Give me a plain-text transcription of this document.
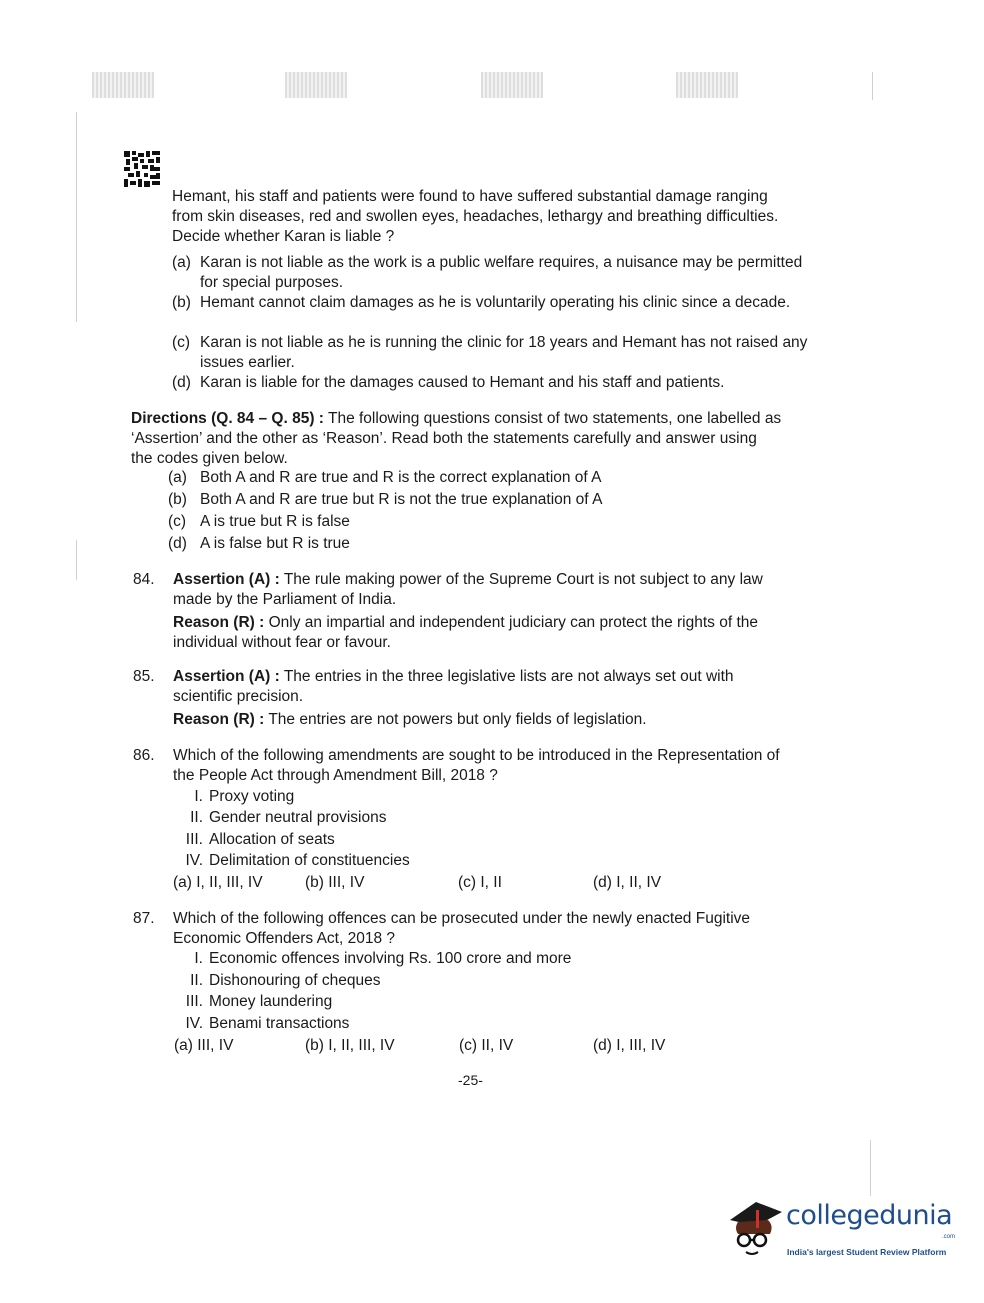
Hemant, his staff and patients were found to have suffered substantial damage ranging from skin diseases, red and swollen eyes, headaches, lethargy and breathing difficulties. Decide whether Karan is liable ?
(a) Karan is not liable as the work is a public welfare requires, a nuisance may be permitted for special purposes.
(b) Hemant cannot claim damages as he is voluntarily operating his clinic since a decade.
(c) Karan is not liable as he is running the clinic for 18 years and Hemant has not raised any issues earlier.
(d) Karan is liable for the damages caused to Hemant and his staff and patients.
Directions (Q. 84 – Q. 85) : The following questions consist of two statements, one labelled as ‘Assertion’ and the other as ‘Reason’. Read both the statements carefully and answer using the codes given below.
(a) Both A and R are true and R is the correct explanation of A
(b) Both A and R are true but R is not the true explanation of A
(c) A is true but R is false
(d) A is false but R is true
84. Assertion (A) : The rule making power of the Supreme Court is not subject to any law made by the Parliament of India.
Reason (R) : Only an impartial and independent judiciary can protect the rights of the individual without fear or favour.
85. Assertion (A) : The entries in the three legislative lists are not always set out with scientific precision.
Reason (R) : The entries are not powers but only fields of legislation.
86. Which of the following amendments are sought to be introduced in the Representation of the People Act through Amendment Bill, 2018 ?
I. Proxy voting
II. Gender neutral provisions
III. Allocation of seats
IV. Delimitation of constituencies
(a) I, II, III, IV	(b) III, IV	(c) I, II	(d) I, II, IV
87. Which of the following offences can be prosecuted under the newly enacted Fugitive Economic Offenders Act, 2018 ?
I. Economic offences involving Rs. 100 crore and more
II. Dishonouring of cheques
III. Money laundering
IV. Benami transactions
(a) III, IV	(b) I, II, III, IV	(c) II, IV	(d) I, III, IV
-25-
collegedunia
.com
India's largest Student Review Platform
